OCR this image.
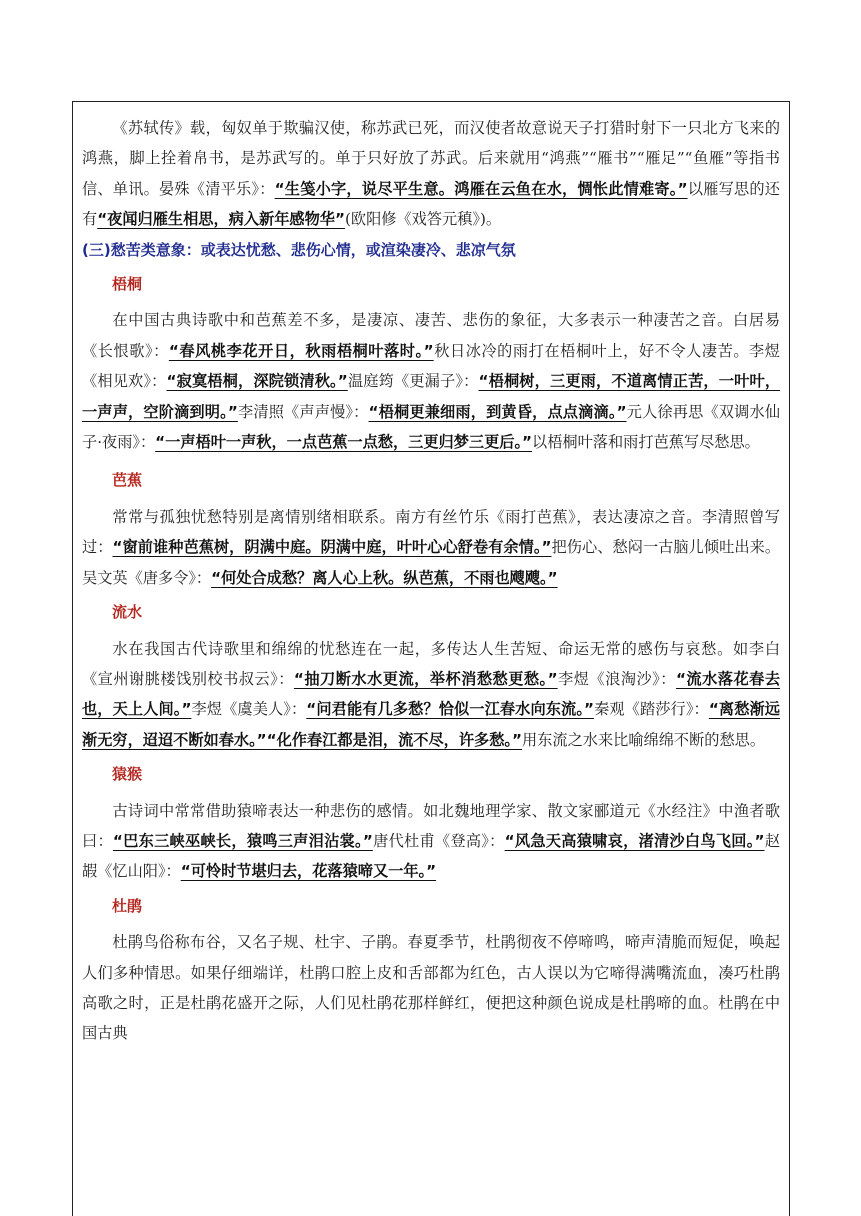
《苏轼传》载，匈奴单于欺骗汉使，称苏武已死，而汉使者故意说天子打猎时射下一只北方飞来的鸿燕，脚上拴着帛书，是苏武写的。单于只好放了苏武。后来就用“鸿燕”“雁书”“雁足”“鱼雁”等指书信、单讯。晏殊《清平乐》：“生笺小字，说尽平生意。鸿雁在云鱼在水，惆怅此情难寄。”以雁写思的还有“夜闻归雁生相思，病入新年感物华”(欧阳修《戏答元稹》)。

(三)愁苦类意象：或表达忧愁、悲伤心情，或渲染凄冷、悲凉气氛

梧桐

在中国古典诗歌中和芭蕉差不多，是凄凉、凄苦、悲伤的象征，大多表示一种凄苦之音。白居易《长恨歌》：“春风桃李花开日，秋雨梧桐叶落时。”秋日冰冷的雨打在梧桐叶上，好不令人凄苦。李煜《相见欢》：“寂寞梧桐，深院锁清秋。”温庭筠《更漏子》：“梧桐树，三更雨，不道离情正苦，一叶叶，一声声，空阶滴到明。”李清照《声声慢》：“梧桐更兼细雨，到黄昏，点点滴滴。”元人徐再思《双调水仙子·夜雨》：“一声梧叶一声秋，一点芭蕉一点愁，三更归梦三更后。”以梧桐叶落和雨打芭蕉写尽愁思。

芭蕉

常常与孤独忧愁特别是离情别绪相联系。南方有丝竹乐《雨打芭蕉》，表达凄凉之音。李清照曾写过：“窗前谁种芭蕉树，阴满中庭。阴满中庭，叶叶心心舒卷有余情。”把伤心、愁闷一古脑儿倾吐出来。吴文英《唐多令》：“何处合成愁？离人心上秋。纵芭蕉，不雨也飕飕。”

流水

水在我国古代诗歌里和绵绵的忧愁连在一起，多传达人生苦短、命运无常的感伤与哀愁。如李白《宣州谢朓楼饯别校书叔云》：“抽刀断水水更流，举杯消愁愁更愁。”李煜《浪淘沙》：“流水落花春去也，天上人间。”李煜《虞美人》：“问君能有几多愁？恰似一江春水向东流。”秦观《踏莎行》：“离愁渐远渐无穷，迢迢不断如春水。”“化作春江都是泪，流不尽，许多愁。”用东流之水来比喻绵绵不断的愁思。

猿猴

古诗词中常常借助猿啼表达一种悲伤的感情。如北魏地理学家、散文家郦道元《水经注》中渔者歌曰：“巴东三峡巫峡长，猿鸣三声泪沾裳。”唐代杜甫《登高》：“风急天高猿啸哀，渚清沙白鸟飞回。”赵嘏《忆山阳》：“可怜时节堪归去，花落猿啼又一年。”

杜鹃

杜鹃鸟俗称布谷，又名子规、杜宇、子鹃。春夏季节，杜鹃彻夜不停啼鸣，啼声清脆而短促，唤起人们多种情思。如果仔细端详，杜鹃口腔上皮和舌部都为红色，古人误以为它啼得满嘴流血，凑巧杜鹃高歌之时，正是杜鹃花盛开之际，人们见杜鹃花那样鲜红，便把这种颜色说成是杜鹃啼的血。杜鹃在中国古典
